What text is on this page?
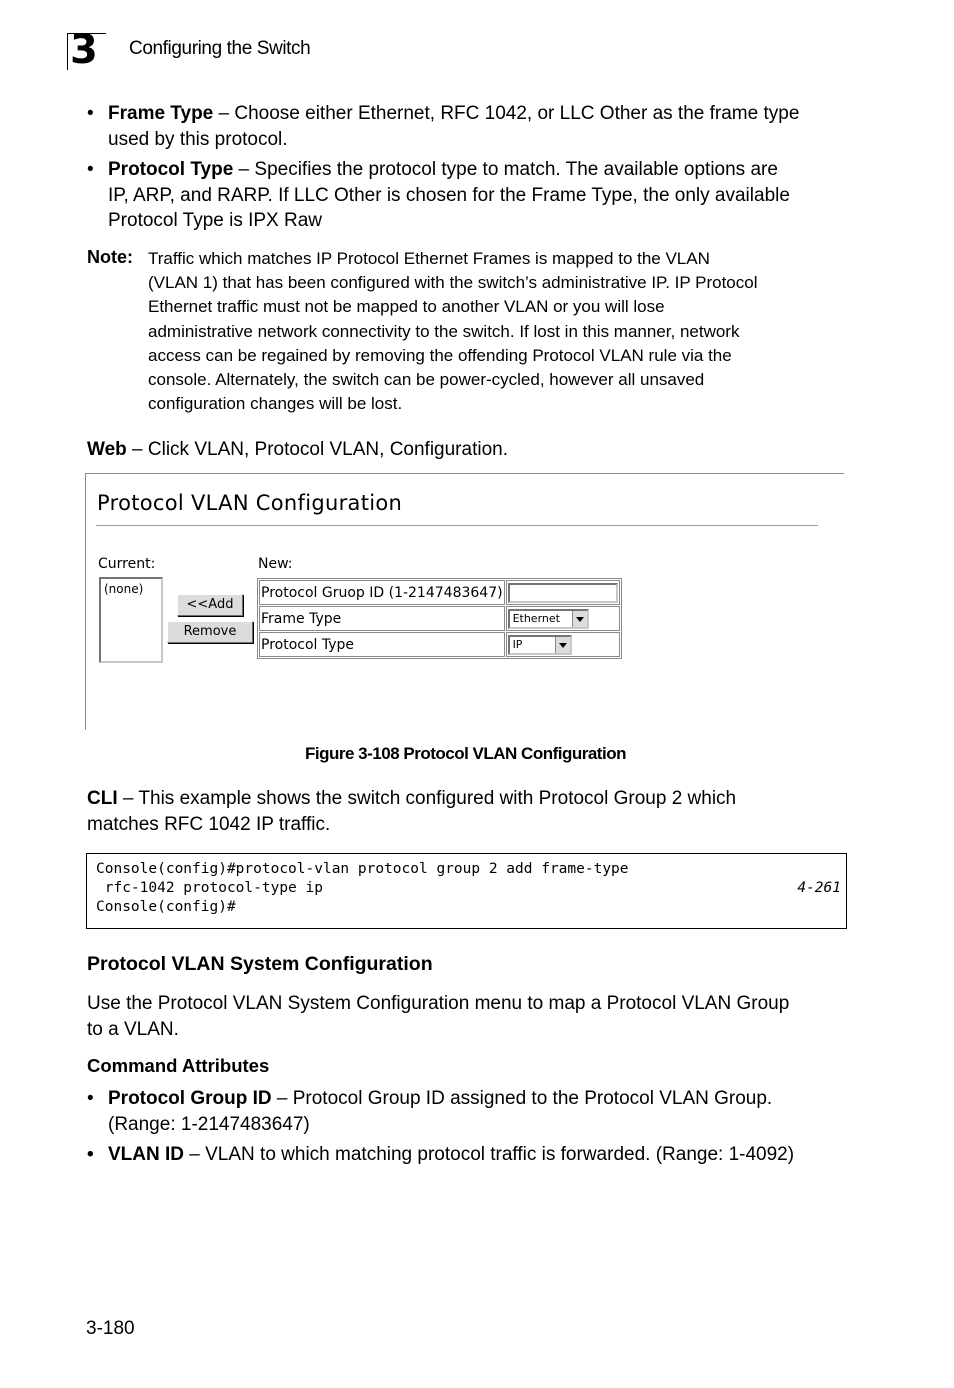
3 Configuring the Switch
• Frame Type – Choose either Ethernet, RFC 1042, or LLC Other as the frame type
used by this protocol.
• Protocol Type – Specifies the protocol type to match. The available options are
IP, ARP, and RARP. If LLC Other is chosen for the Frame Type, the only available
Protocol Type is IPX Raw
Note: Traffic which matches IP Protocol Ethernet Frames is mapped to the VLAN
(VLAN 1) that has been configured with the switch’s administrative IP. IP Protocol
Ethernet traffic must not be mapped to another VLAN or you will lose
administrative network connectivity to the switch. If lost in this manner, network
access can be regained by removing the offending Protocol VLAN rule via the
console. Alternately, the switch can be power-cycled, however all unsaved
configuration changes will be lost.
Web – Click VLAN, Protocol VLAN, Configuration.
Protocol VLAN Configuration
Current:	New:
(none)
<<Add
Remove
Protocol Gruop ID (1-2147483647)	

Frame Type	Ethernet

Protocol Type	IP
Figure 3-108 Protocol VLAN Configuration
CLI – This example shows the switch configured with Protocol Group 2 which
matches RFC 1042 IP traffic.
Console(config)#protocol-vlan protocol group 2 add frame-type
rfc-1042 protocol-type ip	4-261
Console(config)#
Protocol VLAN System Configuration
Use the Protocol VLAN System Configuration menu to map a Protocol VLAN Group
to a VLAN.
Command Attributes
• Protocol Group ID – Protocol Group ID assigned to the Protocol VLAN Group.
(Range: 1-2147483647)
• VLAN ID – VLAN to which matching protocol traffic is forwarded. (Range: 1-4092)
3-180
